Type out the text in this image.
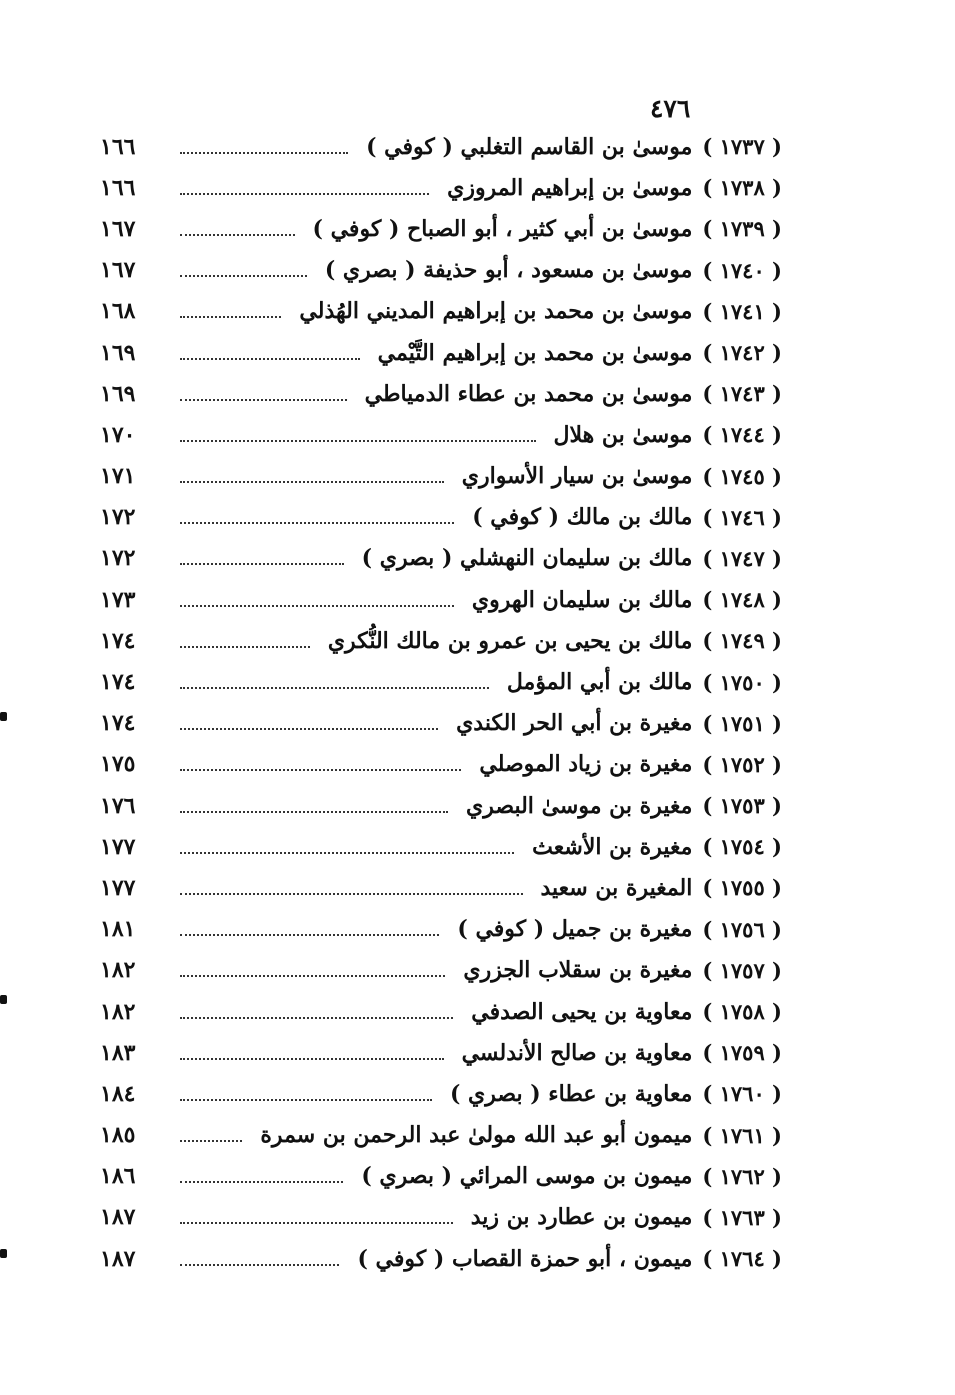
٤٧٦
( ١٧٣٧ )
موسىٰ بن القاسم التغلبي ( كوفي )
١٦٦
( ١٧٣٨ )
موسىٰ بن إبراهيم المروزي
١٦٦
( ١٧٣٩ )
موسىٰ بن أبي كثير ، أبو الصباح ( كوفي )
١٦٧
( ١٧٤٠ )
موسىٰ بن مسعود ، أبو حذيفة ( بصري )
١٦٧
( ١٧٤١ )
موسىٰ بن محمد بن إبراهيم المديني الهُذلي
١٦٨
( ١٧٤٢ )
موسىٰ بن محمد بن إبراهيم التَّيْمي
١٦٩
( ١٧٤٣ )
موسىٰ بن محمد بن عطاء الدمياطي
١٦٩
( ١٧٤٤ )
موسىٰ بن هلال
١٧٠
( ١٧٤٥ )
موسىٰ بن سيار الأسواري
١٧١
( ١٧٤٦ )
مالك بن مالك ( كوفي )
١٧٢
( ١٧٤٧ )
مالك بن سليمان النهشلي ( بصري )
١٧٢
( ١٧٤٨ )
مالك بن سليمان الهروي
١٧٣
( ١٧٤٩ )
مالك بن يحيى بن عمرو بن مالك النُّكري
١٧٤
( ١٧٥٠ )
مالك بن أبي المؤمل
١٧٤
( ١٧٥١ )
مغيرة بن أبي الحر الكندي
١٧٤
( ١٧٥٢ )
مغيرة بن زياد الموصلي
١٧٥
( ١٧٥٣ )
مغيرة بن موسىٰ البصري
١٧٦
( ١٧٥٤ )
مغيرة بن الأشعث
١٧٧
( ١٧٥٥ )
المغيرة بن سعيد
١٧٧
( ١٧٥٦ )
مغيرة بن جميل ( كوفي )
١٨١
( ١٧٥٧ )
مغيرة بن سقلاب الجزري
١٨٢
( ١٧٥٨ )
معاوية بن يحيى الصدفي
١٨٢
( ١٧٥٩ )
معاوية بن صالح الأندلسي
١٨٣
( ١٧٦٠ )
معاوية بن عطاء ( بصري )
١٨٤
( ١٧٦١ )
ميمون أبو عبد الله مولىٰ عبد الرحمن بن سمرة
١٨٥
( ١٧٦٢ )
ميمون بن موسى المرائي ( بصري )
١٨٦
( ١٧٦٣ )
ميمون بن عطارد بن زيد
١٨٧
( ١٧٦٤ )
ميمون ، أبو حمزة القصاب ( كوفي )
١٨٧
